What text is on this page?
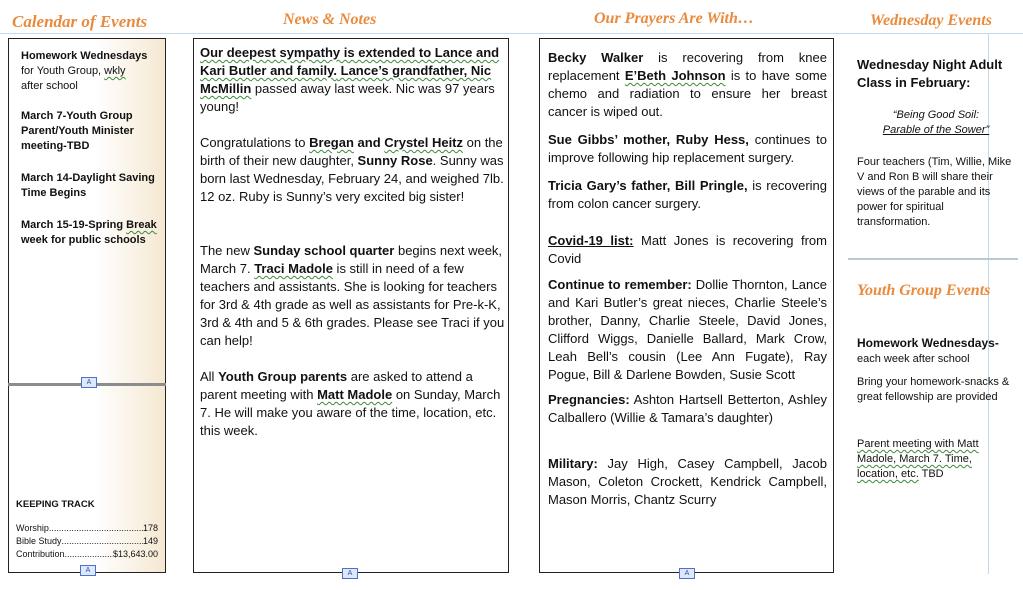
Calendar of Events	News & Notes	Our Prayers Are With…	Wednesday Events
Homework Wednesdays
for Youth Group, wkly
after school
March 7-Youth Group Parent/Youth Minister meeting-TBD
March 14-Daylight Saving Time Begins
March 15-19-Spring Break week for public schools
A
KEEPING TRACK
Worship .....	178
Bible Study .....	149
Contribution .....	$13,643.00
A

Our deepest sympathy is extended to Lance and Kari Butler and family. Lance’s grandfather, Nic McMillin passed away last week. Nic was 97 years young!

Congratulations to Bregan and Crystel Heitz on the birth of their new daughter, Sunny Rose. Sunny was born last Wednesday, February 24, and weighed 7lb. 12 oz. Ruby is Sunny’s very excited big sister!

The new Sunday school quarter begins next week, March 7. Traci Madole is still in need of a few teachers and assistants. She is looking for teachers for 3rd & 4th grade as well as assistants for Pre-k-K, 3rd & 4th and 5 & 6th grades. Please see Traci if you can help!

All Youth Group parents are asked to attend a parent meeting with Matt Madole on Sunday, March 7. He will make you aware of the time, location, etc. this week.

A

Becky Walker is recovering from knee replacement E’Beth Johnson is to have some chemo and radiation to ensure her breast cancer is wiped out.

Sue Gibbs’ mother, Ruby Hess, continues to improve following hip replacement surgery.

Tricia Gary’s father, Bill Pringle, is recovering from colon cancer surgery.

Covid-19 list: Matt Jones is recovering from Covid

Continue to remember: Dollie Thornton, Lance and Kari Butler’s great nieces, Charlie Steele’s brother, Danny, Charlie Steele, David Jones, Clifford Wiggs, Danielle Ballard, Mark Crow, Leah Bell’s cousin (Lee Ann Fugate), Ray Pogue, Bill & Darlene Bowden, Susie Scott

Pregnancies: Ashton Hartsell Betterton, Ashley Calballero (Willie & Tamara’s daughter)

Military: Jay High, Casey Campbell, Jacob Mason, Coleton Crockett, Kendrick Campbell, Mason Morris, Chantz Scurry

A
Wednesday Night Adult Class in February:
“Being Good Soil:
Parable of the Sower”
Four teachers (Tim, Willie, Mike V and Ron B will share their views of the parable and its power for spiritual transformation.
Youth Group Events
Homework Wednesdays-
each week after school
Bring your homework-snacks & great fellowship are provided
Parent meeting with Matt Madole, March 7. Time, location, etc. TBD
